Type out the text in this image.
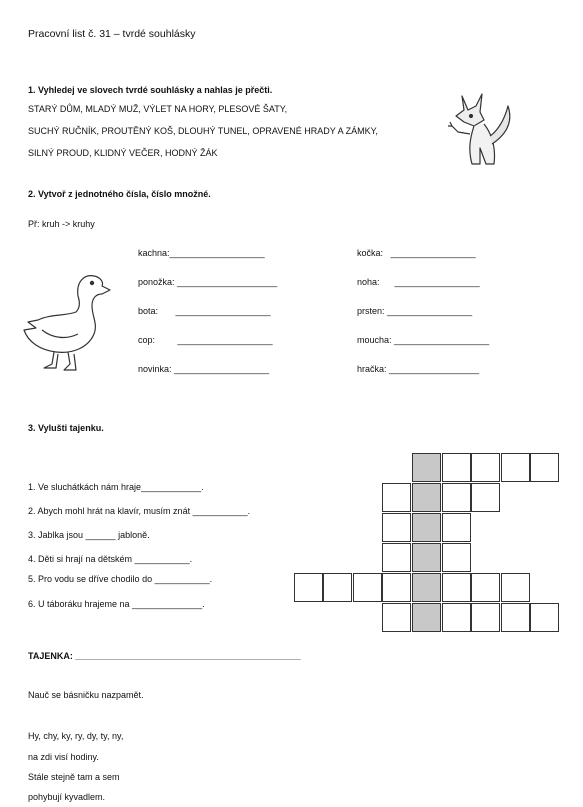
Pracovní list č. 31 – tvrdé souhlásky
1. Vyhledej ve slovech tvrdé souhlásky a nahlas je přečti.
STARÝ DŮM, MLADÝ MUŽ, VÝLET NA HORY, PLESOVÉ ŠATY,
SUCHÝ RUČNÍK, PROUTĚNÝ KOŠ, DLOUHÝ TUNEL, OPRAVENÉ HRADY A ZÁMKY,
SILNÝ PROUD, KLIDNÝ VEČER, HODNÝ ŽÁK
2. Vytvoř z jednotného čísla, číslo množné.
Př: kruh -> kruhy
kachna:___________________
ponožka: ____________________
bota: ___________________
cop:	___________________
novinka: ___________________
kočka: _________________
noha: _________________
prsten: _________________
moucha: ___________________
hračka: __________________
3. Vylušti tajenku.
1. Ve sluchátkách nám hraje____________.
2. Abych mohl hrát na klavír, musím znát ___________.
3. Jablka jsou ______ jabloně.
4. Děti si hrají na dětském ___________.
5. Pro vodu se dříve chodilo do ___________.
6. U táboráku hrajeme na ______________.
TAJENKA: _____________________________________________
Nauč se básničku nazpamět.
Hy, chy, ky, ry, dy, ty, ny,
na zdi visí hodiny.
Stále stejně tam a sem
pohybují kyvadlem.
